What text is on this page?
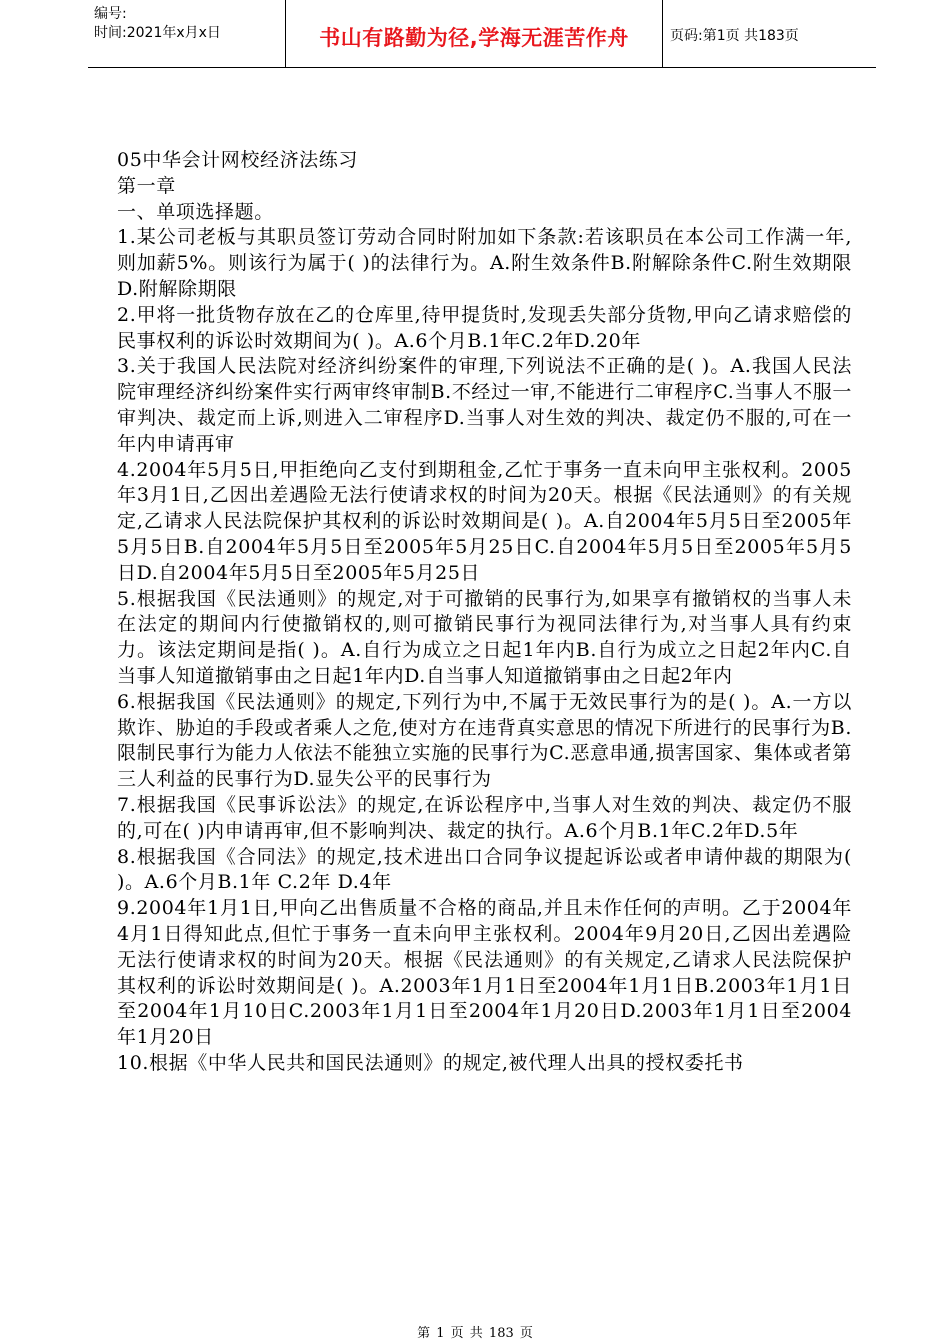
编号:
时间:2021年x月x日	书山有路勤为径,学海无涯苦作舟	页码:第1页 共183页

05中华会计网校经济法练习

第一章

一、单项选择题。

1.某公司老板与其职员签订劳动合同时附加如下条款:若该职员在本公司工作满一年,则加薪5%。则该行为属于( )的法律行为。A.附生效条件B.附解除条件C.附生效期限 D.附解除期限

2.甲将一批货物存放在乙的仓库里,待甲提货时,发现丢失部分货物,甲向乙请求赔偿的民事权利的诉讼时效期间为( )。A.6个月B.1年C.2年D.20年

3.关于我国人民法院对经济纠纷案件的审理,下列说法不正确的是( )。A.我国人民法院审理经济纠纷案件实行两审终审制B.不经过一审,不能进行二审程序C.当事人不服一审判决、裁定而上诉,则进入二审程序D.当事人对生效的判决、裁定仍不服的,可在一年内申请再审

4.2004年5月5日,甲拒绝向乙支付到期租金,乙忙于事务一直未向甲主张权利。2005年3月1日,乙因出差遇险无法行使请求权的时间为20天。根据《民法通则》的有关规定,乙请求人民法院保护其权利的诉讼时效期间是( )。A.自2004年5月5日至2005年5月5日B.自2004年5月5日至2005年5月25日C.自2004年5月5日至2005年5月5日D.自2004年5月5日至2005年5月25日

5.根据我国《民法通则》的规定,对于可撤销的民事行为,如果享有撤销权的当事人未在法定的期间内行使撤销权的,则可撤销民事行为视同法律行为,对当事人具有约束力。该法定期间是指( )。A.自行为成立之日起1年内B.自行为成立之日起2年内C.自当事人知道撤销事由之日起1年内D.自当事人知道撤销事由之日起2年内

6.根据我国《民法通则》的规定,下列行为中,不属于无效民事行为的是( )。A.一方以欺诈、胁迫的手段或者乘人之危,使对方在违背真实意思的情况下所进行的民事行为B.限制民事行为能力人依法不能独立实施的民事行为C.恶意串通,损害国家、集体或者第三人利益的民事行为D.显失公平的民事行为

7.根据我国《民事诉讼法》的规定,在诉讼程序中,当事人对生效的判决、裁定仍不服的,可在( )内申请再审,但不影响判决、裁定的执行。A.6个月B.1年C.2年D.5年

8.根据我国《合同法》的规定,技术进出口合同争议提起诉讼或者申请仲裁的期限为( )。A.6个月B.1年 C.2年 D.4年

9.2004年1月1日,甲向乙出售质量不合格的商品,并且未作任何的声明。乙于2004年4月1日得知此点,但忙于事务一直未向甲主张权利。2004年9月20日,乙因出差遇险无法行使请求权的时间为20天。根据《民法通则》的有关规定,乙请求人民法院保护其权利的诉讼时效期间是( )。A.2003年1月1日至2004年1月1日B.2003年1月1日至2004年1月10日C.2003年1月1日至2004年1月20日D.2003年1月1日至2004年1月20日

10.根据《中华人民共和国民法通则》的规定,被代理人出具的授权委托书

第 1 页 共 183 页
